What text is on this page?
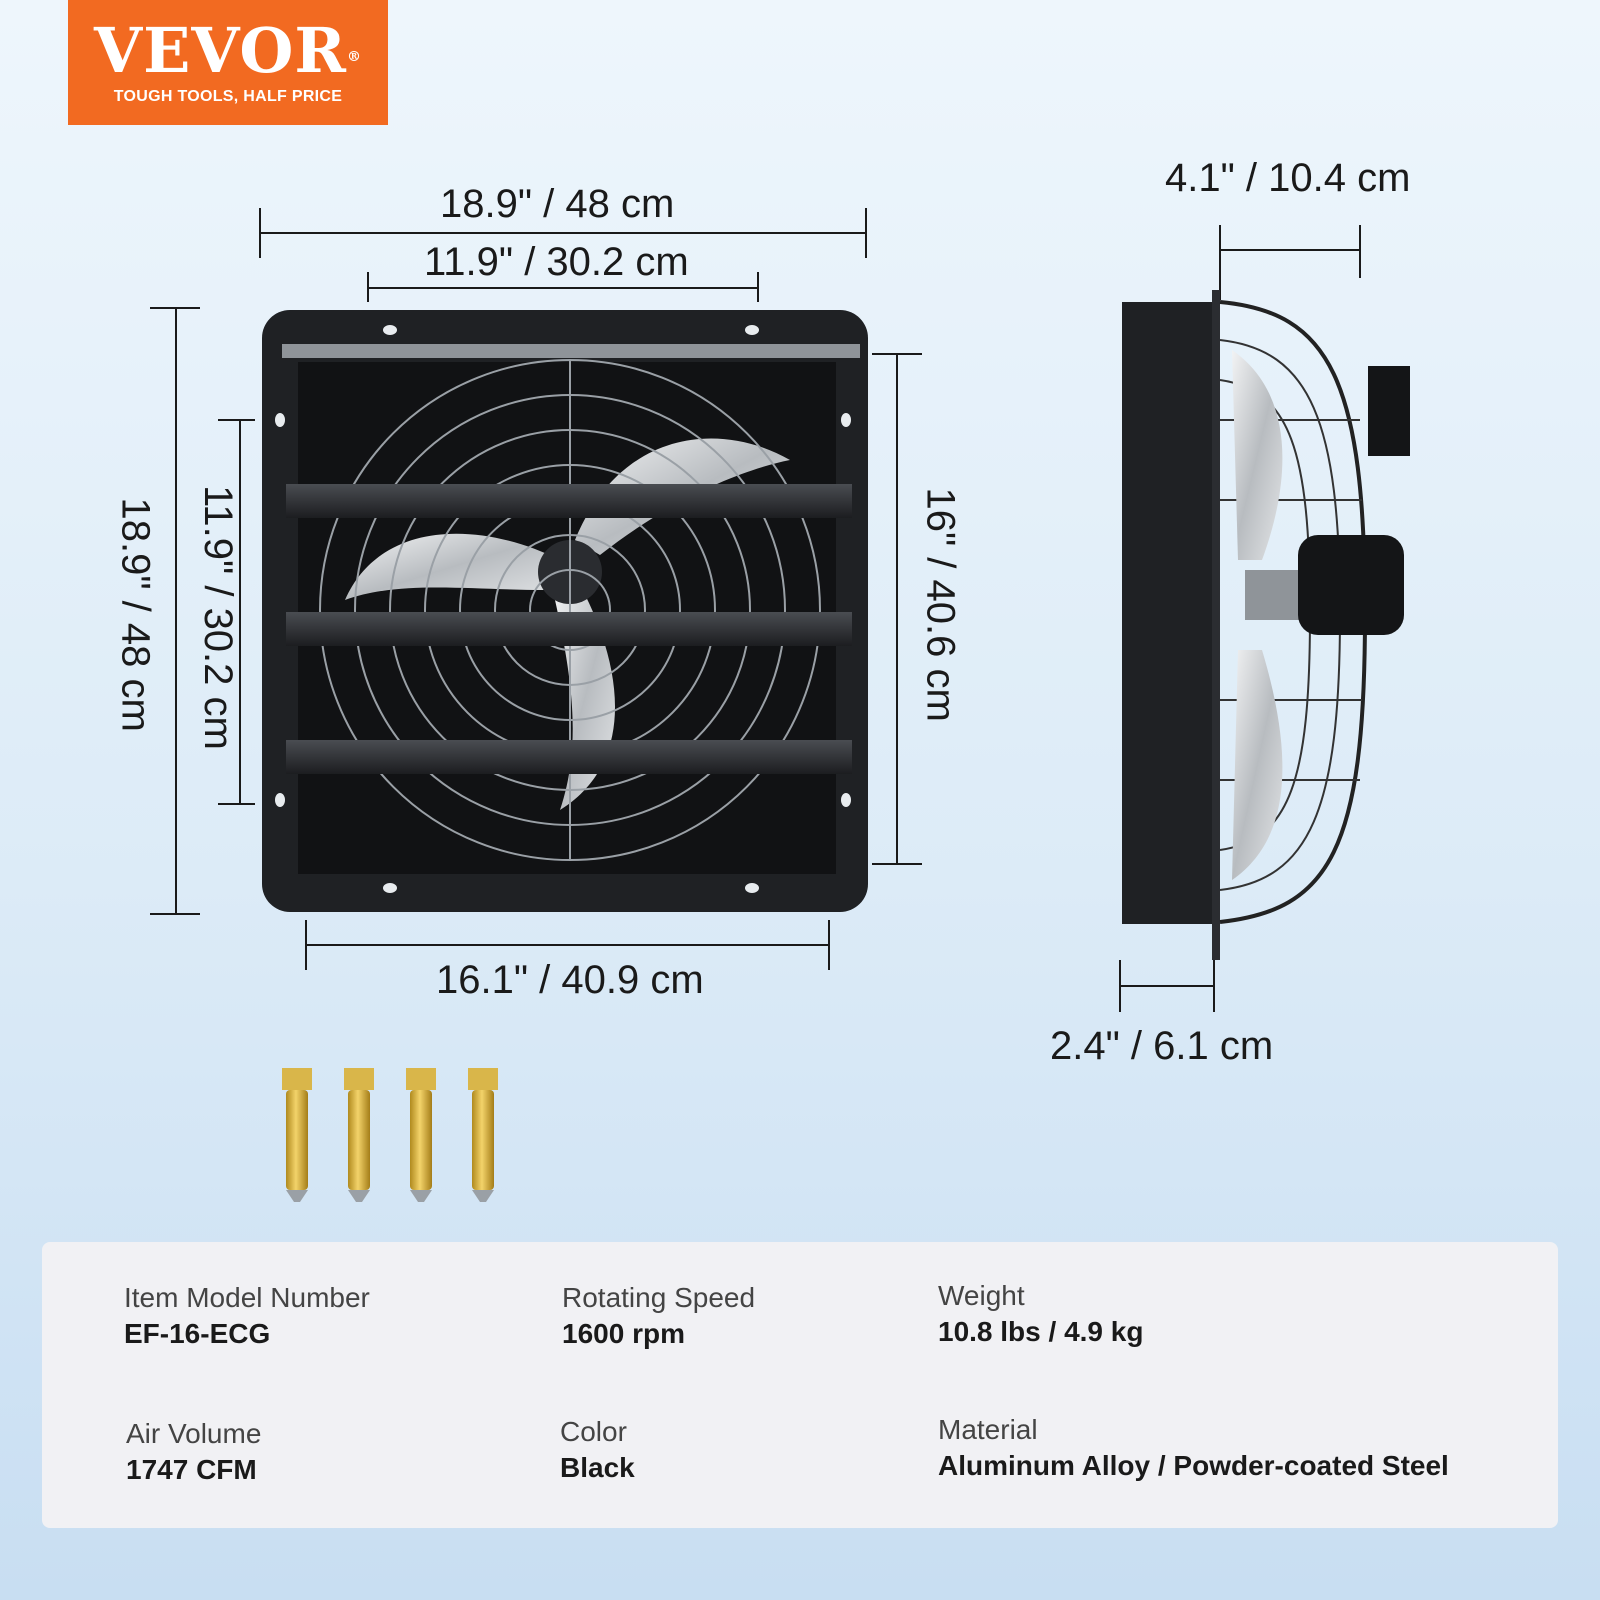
VEVOR®
TOUGH TOOLS, HALF PRICE
18.9" / 48 cm
11.9" / 30.2 cm
18.9" / 48 cm 11.9" / 30.2 cm	16" / 40.6 cm
16.1" / 40.9 cm
4.1" / 10.4 cm
2.4" / 6.1 cm
Item Model Number
EF-16-ECG
Rotating Speed
1600 rpm
Weight
10.8 lbs / 4.9 kg
Air Volume
1747 CFM
Color
Black
Material
Aluminum Alloy / Powder-coated Steel
